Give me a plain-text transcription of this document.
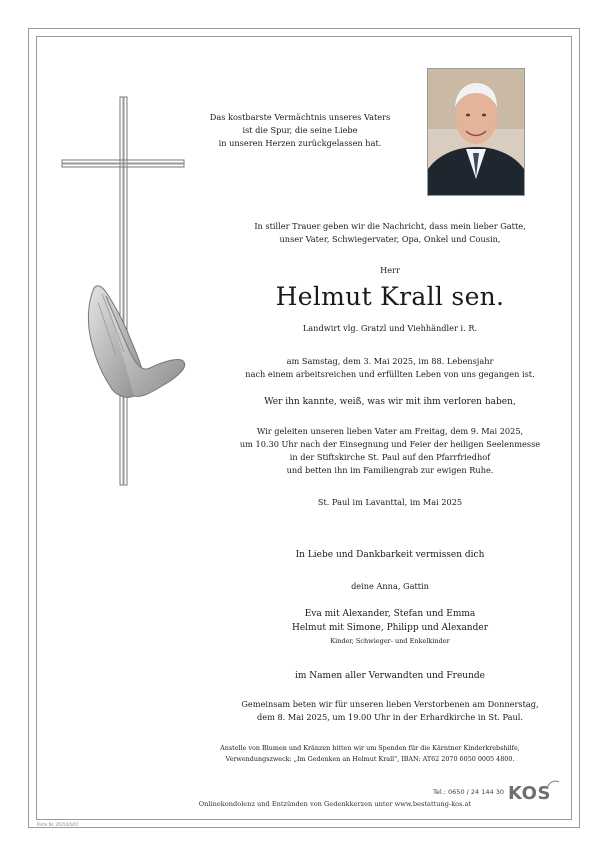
Das kostbarste Vermächtnis unseres Vaters
ist die Spur, die seine Liebe
in unseren Herzen zurückgelassen hat.
In stiller Trauer geben wir die Nachricht, dass mein lieber Gatte,
unser Vater, Schwiegervater, Opa, Onkel und Cousin,
Herr
Helmut Krall sen.
Landwirt vlg. Gratzl und Viehhändler i. R.
am Samstag, dem 3. Mai 2025, im 88. Lebensjahr
nach einem arbeitsreichen und erfüllten Leben von uns gegangen ist.
Wer ihn kannte, weiß, was wir mit ihm verloren haben,
Wir geleiten unseren lieben Vater am Freitag, dem 9. Mai 2025,
um 10.30 Uhr nach der Einsegnung und Feier der heiligen Seelenmesse
in der Stiftskirche St. Paul auf den Pfarrfriedhof
und betten ihn im Familiengrab zur ewigen Ruhe.
St. Paul im Lavanttal, im Mai 2025
In Liebe und Dankbarkeit vermissen dich
deine Anna, Gattin
Eva mit Alexander, Stefan und Emma
Helmut mit Simone, Philipp und Alexander
Kinder, Schwieger- und Enkelkinder
im Namen aller Verwandten und Freunde
Gemeinsam beten wir für unseren lieben Verstorbenen am Donnerstag,
dem 8. Mai 2025, um 19.00 Uhr in der Erhardkirche in St. Paul.
Anstelle von Blumen und Kränzen bitten wir um Spenden für die Kärntner Kinderkrebshilfe,
Verwendungszweck: „Im Gedenken an Helmut Krall", IBAN: AT62 2070 6050 0005 4800.
Tel.: 0650 / 24 144 30
Onlinekondolenz und Entzünden von Gedenkkerzen unter www.bestattung-kos.at	KOS
Parte Nr. 2025/05/07
